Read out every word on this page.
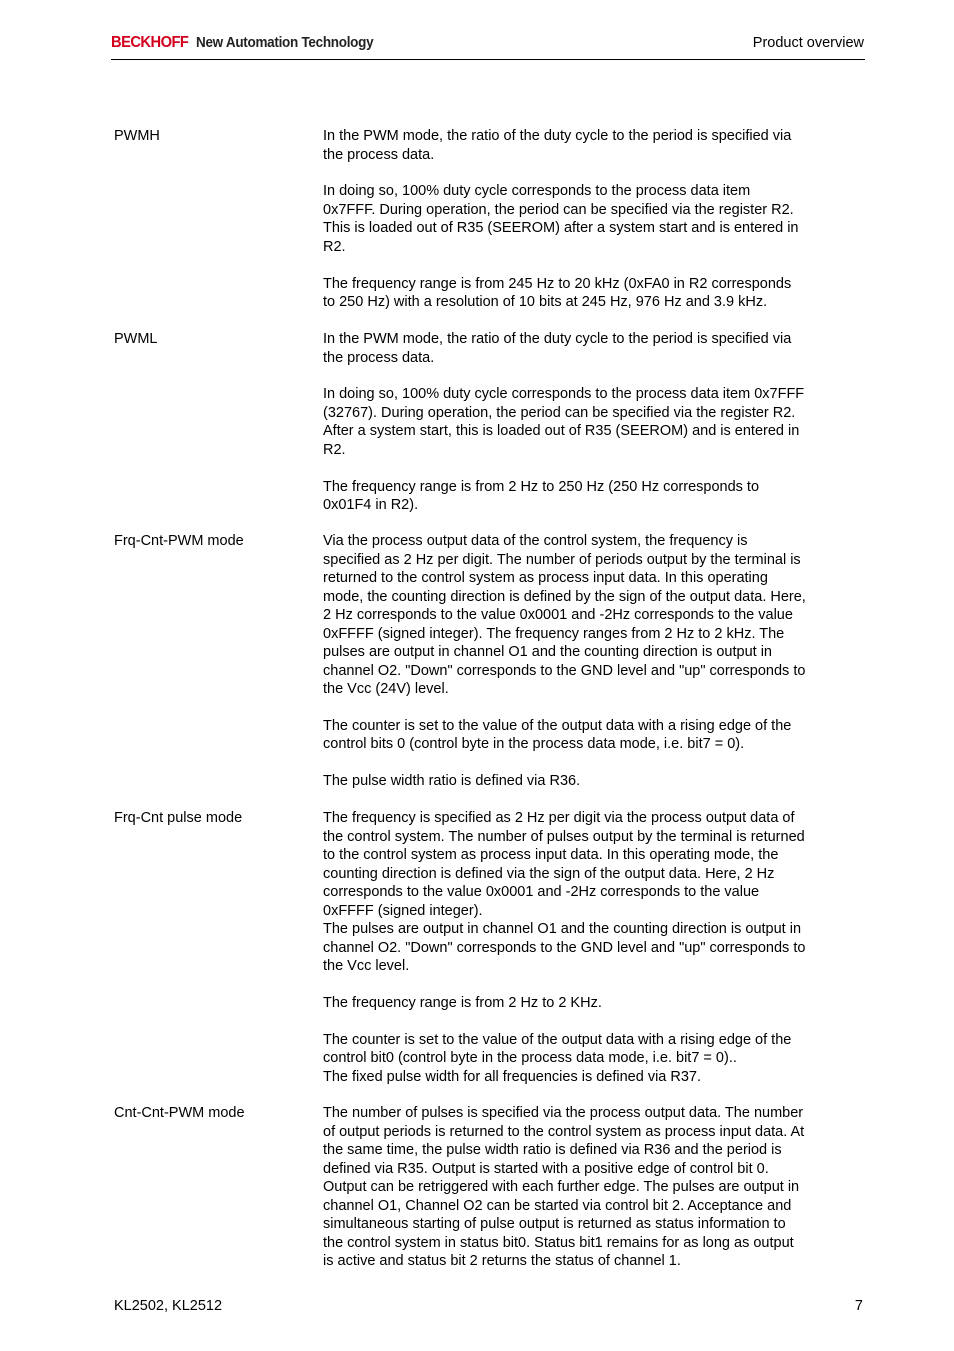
BECKHOFF New Automation Technology	Product overview
PWMH	In the PWM mode, the ratio of the duty cycle to the period is specified via
the process data.

In doing so, 100% duty cycle corresponds to the process data item
0x7FFF. During operation, the period can be specified via the register R2.
This is loaded out of R35 (SEEROM) after a system start and is entered in
R2.

The frequency range is from 245 Hz to 20 kHz (0xFA0 in R2 corresponds
to 250 Hz) with a resolution of 10 bits at 245 Hz, 976 Hz and 3.9 kHz.

PWML	In the PWM mode, the ratio of the duty cycle to the period is specified via
the process data.

In doing so, 100% duty cycle corresponds to the process data item 0x7FFF
(32767). During operation, the period can be specified via the register R2.
After a system start, this is loaded out of R35 (SEEROM) and is entered in
R2.

The frequency range is from 2 Hz to 250 Hz (250 Hz corresponds to
0x01F4 in R2).

Frq-Cnt-PWM mode	Via the process output data of the control system, the frequency is
specified as 2 Hz per digit. The number of periods output by the terminal is
returned to the control system as process input data. In this operating
mode, the counting direction is defined by the sign of the output data. Here,
2 Hz corresponds to the value 0x0001 and -2Hz corresponds to the value
0xFFFF (signed integer). The frequency ranges from 2 Hz to 2 kHz. The
pulses are output in channel O1 and the counting direction is output in
channel O2. "Down" corresponds to the GND level and "up" corresponds to
the Vcc (24V) level.

The counter is set to the value of the output data with a rising edge of the
control bits 0 (control byte in the process data mode, i.e. bit7 = 0).

The pulse width ratio is defined via R36.

Frq-Cnt pulse mode	The frequency is specified as 2 Hz per digit via the process output data of
the control system. The number of pulses output by the terminal is returned
to the control system as process input data. In this operating mode, the
counting direction is defined via the sign of the output data. Here, 2 Hz
corresponds to the value 0x0001 and -2Hz corresponds to the value
0xFFFF (signed integer).
The pulses are output in channel O1 and the counting direction is output in
channel O2. "Down" corresponds to the GND level and "up" corresponds to
the Vcc level.

The frequency range is from 2 Hz to 2 KHz.

The counter is set to the value of the output data with a rising edge of the
control bit0 (control byte in the process data mode, i.e. bit7 = 0)..
The fixed pulse width for all frequencies is defined via R37.

Cnt-Cnt-PWM mode	The number of pulses is specified via the process output data. The number
of output periods is returned to the control system as process input data. At
the same time, the pulse width ratio is defined via R36 and the period is
defined via R35. Output is started with a positive edge of control bit 0.
Output can be retriggered with each further edge. The pulses are output in
channel O1, Channel O2 can be started via control bit 2. Acceptance and
simultaneous starting of pulse output is returned as status information to
the control system in status bit0. Status bit1 remains for as long as output
is active and status bit 2 returns the status of channel 1.

KL2502, KL2512	7
